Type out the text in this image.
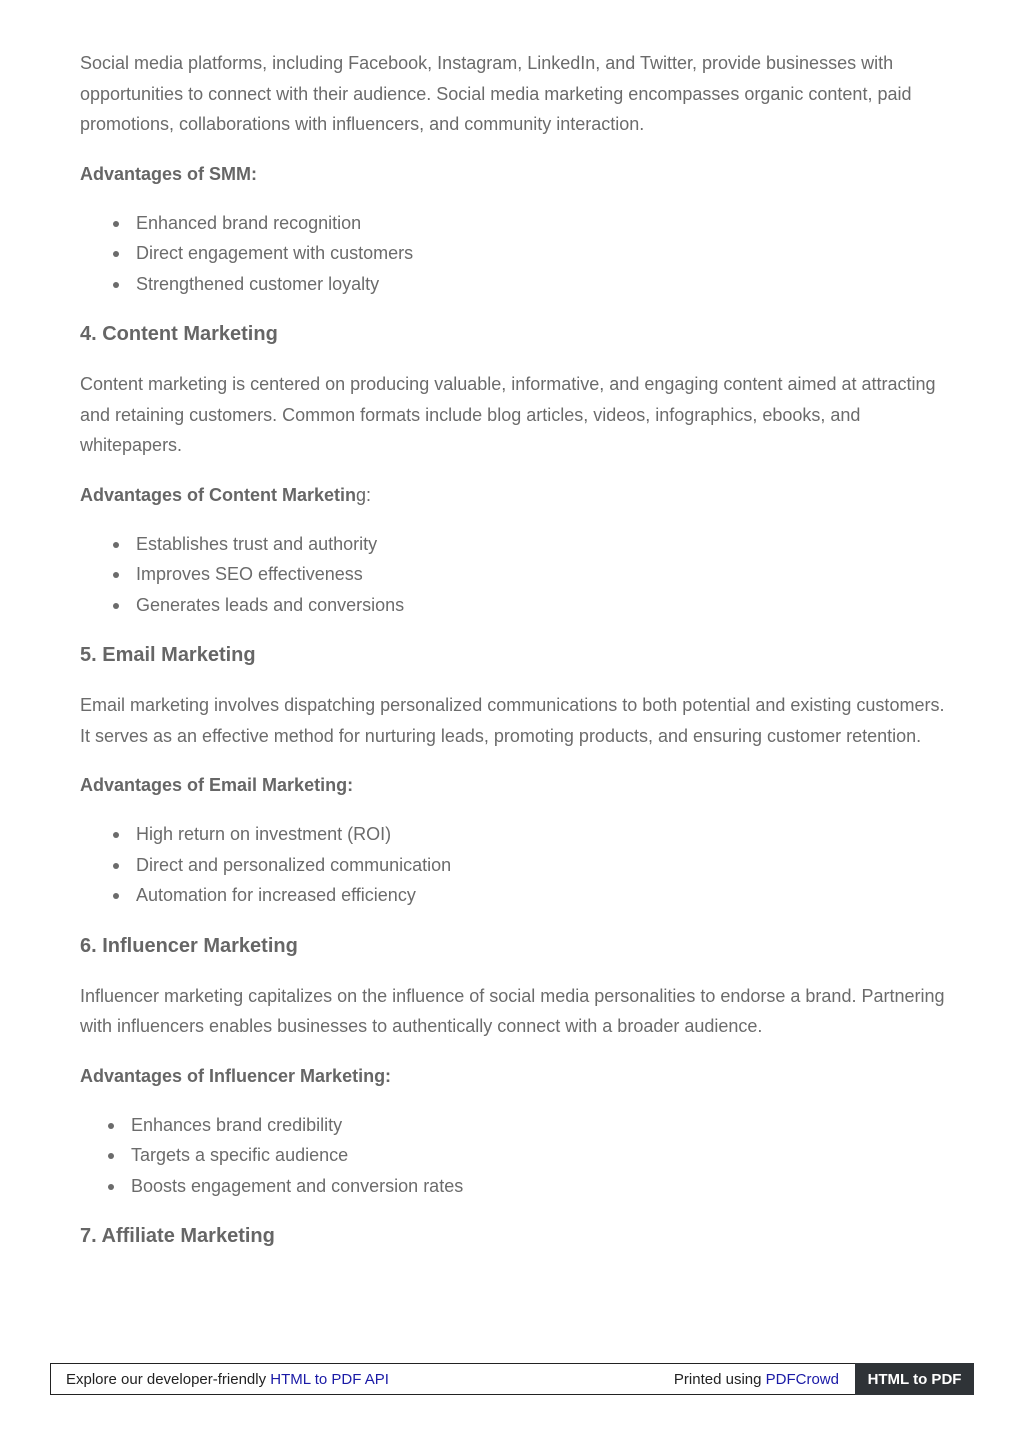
Social media platforms, including Facebook, Instagram, LinkedIn, and Twitter, provide businesses with opportunities to connect with their audience. Social media marketing encompasses organic content, paid promotions, collaborations with influencers, and community interaction.

Advantages of SMM:

Enhanced brand recognition
Direct engagement with customers
Strengthened customer loyalty
4. Content Marketing

Content marketing is centered on producing valuable, informative, and engaging content aimed at attracting and retaining customers. Common formats include blog articles, videos, infographics, ebooks, and whitepapers.

Advantages of Content Marketing:

Establishes trust and authority
Improves SEO effectiveness
Generates leads and conversions
5. Email Marketing

Email marketing involves dispatching personalized communications to both potential and existing customers. It serves as an effective method for nurturing leads, promoting products, and ensuring customer retention.

Advantages of Email Marketing:

High return on investment (ROI)
Direct and personalized communication
Automation for increased efficiency
6. Influencer Marketing

Influencer marketing capitalizes on the influence of social media personalities to endorse a brand. Partnering with influencers enables businesses to authentically connect with a broader audience.

Advantages of Influencer Marketing:

Enhances brand credibility
Targets a specific audience
Boosts engagement and conversion rates
7. Affiliate Marketing
Explore our developer-friendly HTML to PDF API	Printed using PDFCrowd	HTML to PDF
